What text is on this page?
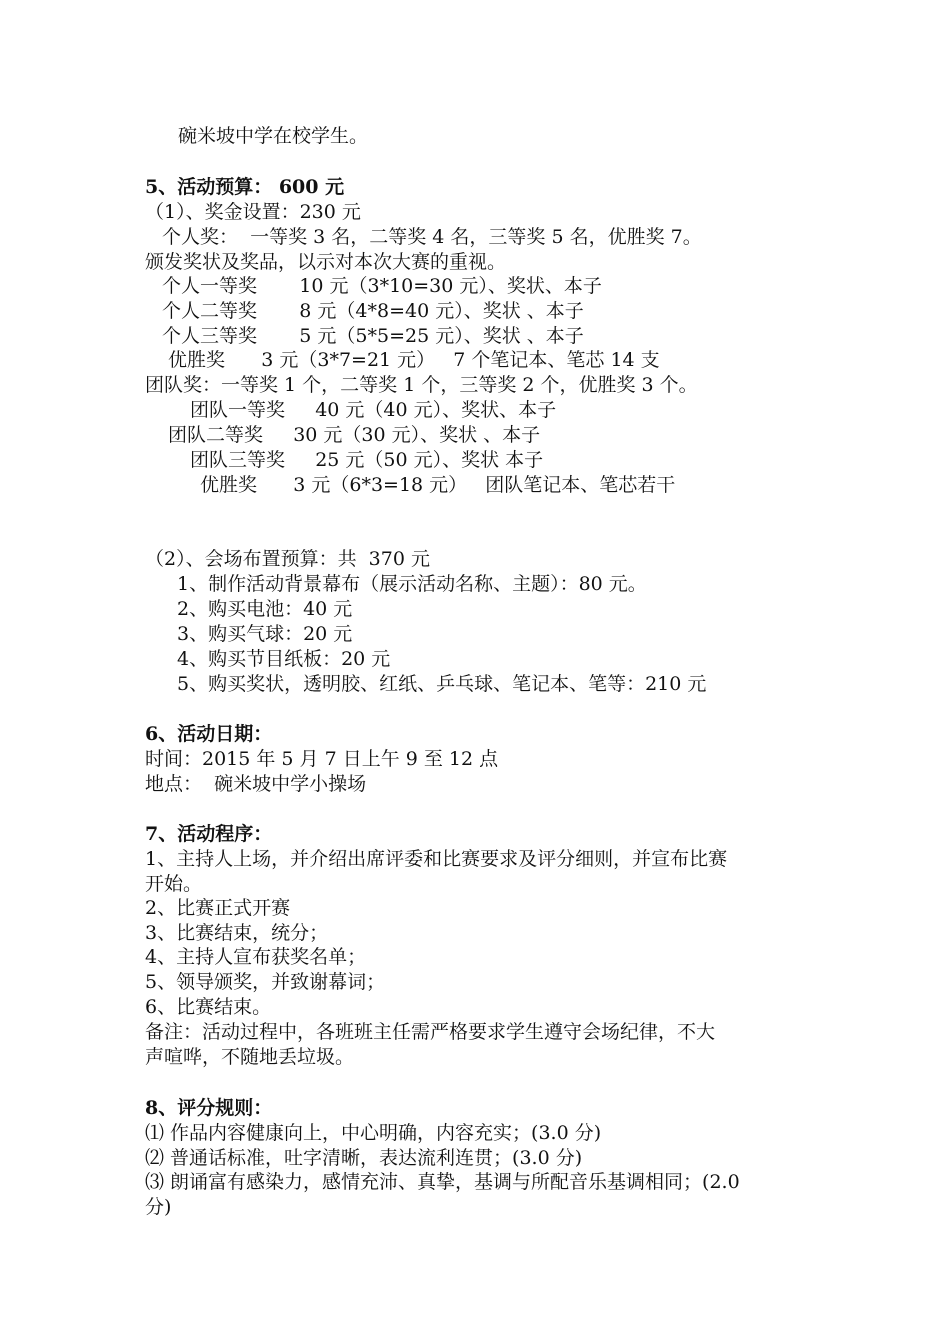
碗米坡中学在校学生。
5、活动预算： 600 元
（1）、奖金设置：230 元
个人奖：  一等奖 3 名，二等奖 4 名，三等奖 5 名，优胜奖 7。
颁发奖状及奖品，以示对本次大赛的重视。
个人一等奖       10 元（3*10=30 元）、奖状、本子
个人二等奖       8 元（4*8=40 元）、奖状 、本子
个人三等奖       5 元（5*5=25 元）、奖状 、本子
优胜奖      3 元（3*7=21 元）   7 个笔记本、笔芯 14 支
团队奖：一等奖 1 个，二等奖 1 个，三等奖 2 个，优胜奖 3 个。
团队一等奖     40 元（40 元）、奖状、本子
团队二等奖     30 元（30 元）、奖状 、本子
团队三等奖     25 元（50 元）、奖状 本子
优胜奖      3 元（6*3=18 元）   团队笔记本、笔芯若干
（2）、会场布置预算：共  370 元
1、制作活动背景幕布（展示活动名称、主题）：80 元。
2、购买电池：40 元
3、购买气球：20 元
4、购买节目纸板：20 元
5、购买奖状，透明胶、红纸、乒乓球、笔记本、笔等：210 元
6、活动日期：
时间：2015 年 5 月 7 日上午 9 至 12 点
地点：  碗米坡中学小操场
7、活动程序：
1、主持人上场，并介绍出席评委和比赛要求及评分细则，并宣布比赛
开始。
2、比赛正式开赛
3、比赛结束，统分；
4、主持人宣布获奖名单；
5、领导颁奖，并致谢幕词；
6、比赛结束。
备注：活动过程中，各班班主任需严格要求学生遵守会场纪律，不大
声喧哗，不随地丢垃圾。
8、评分规则：
⑴ 作品内容健康向上，中心明确，内容充实；(3.0 分)
⑵ 普通话标准，吐字清晰，表达流利连贯；(3.0 分)
⑶ 朗诵富有感染力，感情充沛、真挚，基调与所配音乐基调相同；(2.0
分)
